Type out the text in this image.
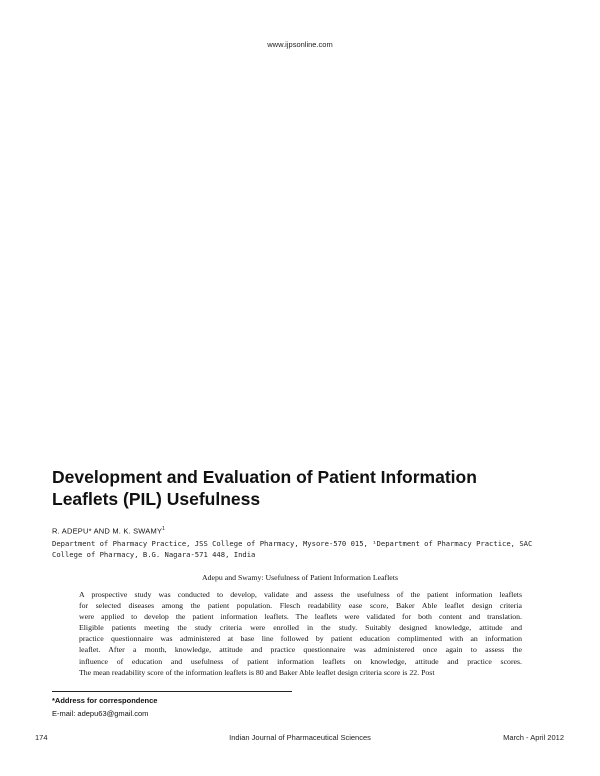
www.ijpsonline.com
Development and Evaluation of Patient Information
Leaflets (PIL) Usefulness
R. ADEPU* AND M. K. SWAMY$^1$
Department of Pharmacy Practice, JSS College of Pharmacy, Mysore-570 015, ¹Department of Pharmacy Practice, SAC
College of Pharmacy, B.G. Nagara-571 448, India
Adepu and Swamy: Usefulness of Patient Information Leaflets
A prospective study was conducted to develop, validate and assess the usefulness of the patient information leaflets
for selected diseases among the patient population. Flesch readability ease score, Baker Able leaflet design criteria
were applied to develop the patient information leaflets. The leaflets were validated for both content and translation.
Eligible patients meeting the study criteria were enrolled in the study. Suitably designed knowledge, attitude and
practice questionnaire was administered at base line followed by patient education complimented with an information
leaflet. After a month, knowledge, attitude and practice questionnaire was administered once again to assess the
influence of education and usefulness of patient information leaflets on knowledge, attitude and practice scores.
The mean readability score of the information leaflets is 80 and Baker Able leaflet design criteria score is 22. Post
*Address for correspondence
E-mail: adepu63@gmail.com
174	Indian Journal of Pharmaceutical Sciences	March - April 2012
